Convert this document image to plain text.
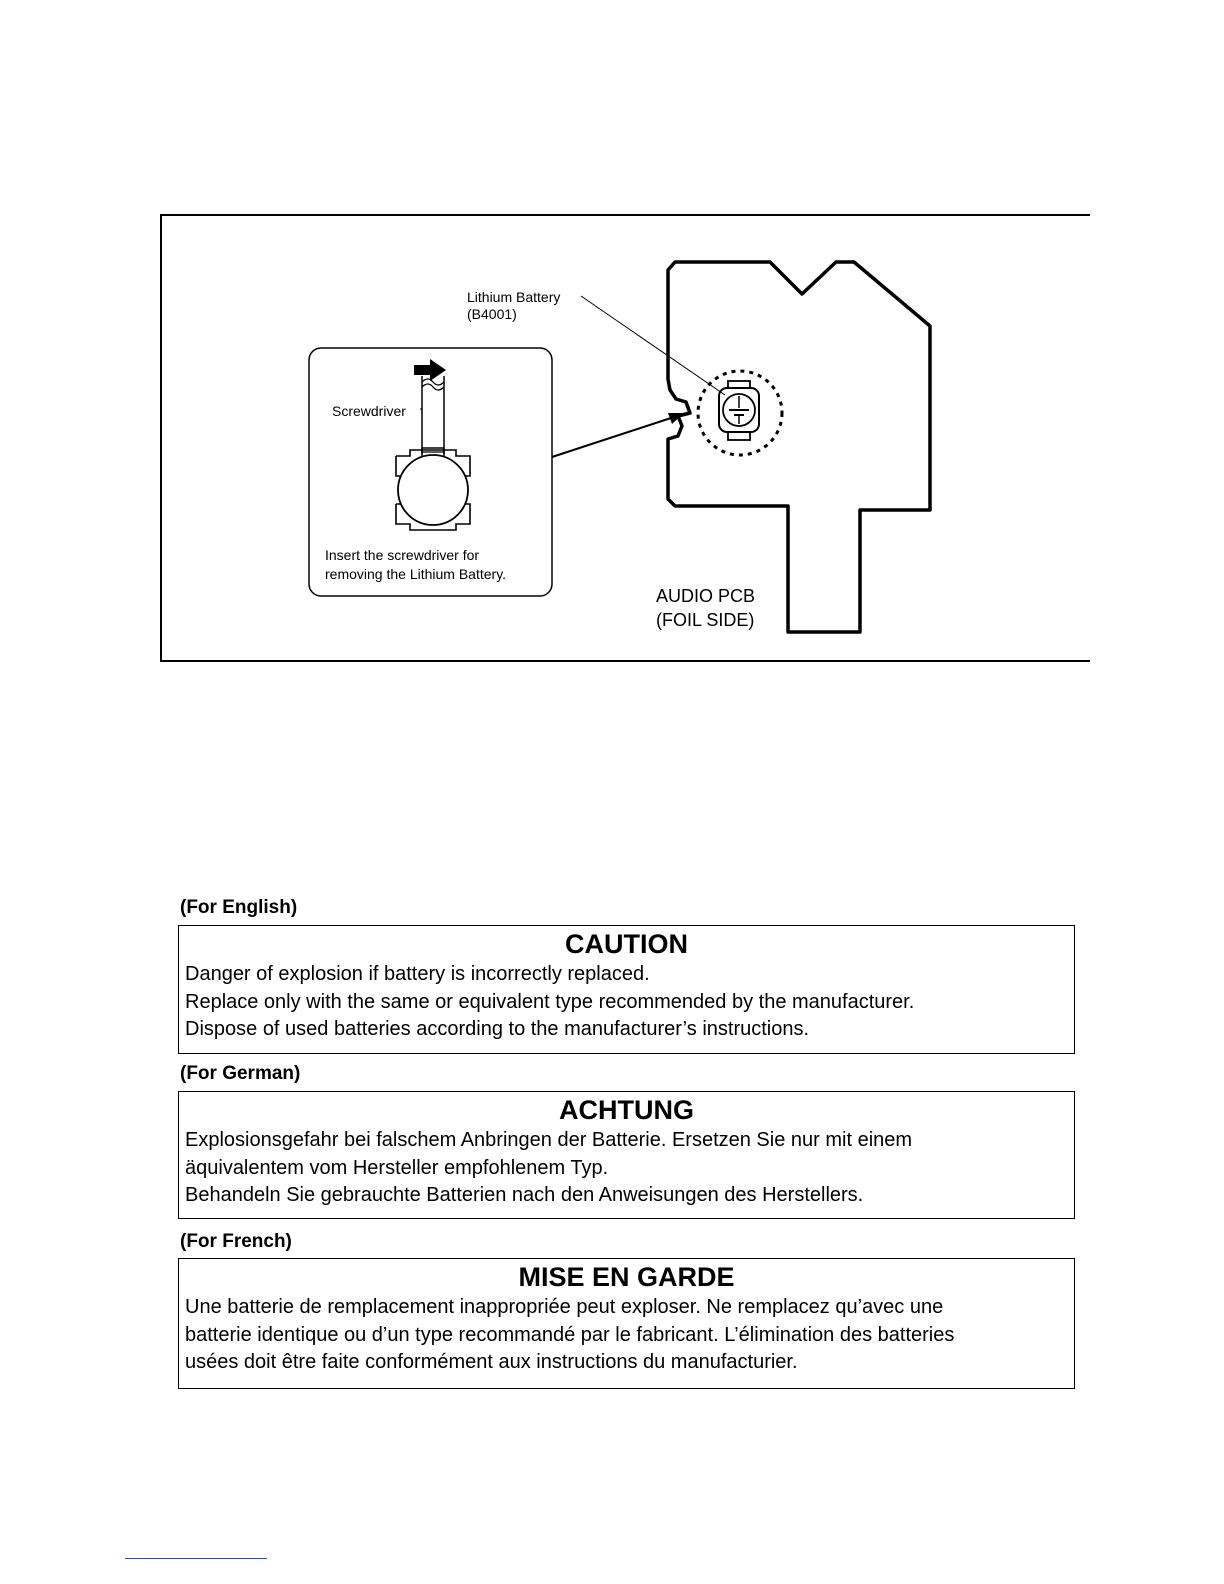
Lithium Battery
(B4001)
Screwdriver
Insert the screwdriver for
removing the Lithium Battery.
AUDIO PCB
(FOIL SIDE)
(For English)
CAUTION
Danger of explosion if battery is incorrectly replaced.
Replace only with the same or equivalent type recommended by the manufacturer.
Dispose of used batteries according to the manufacturer’s instructions.
(For German)
ACHTUNG
Explosionsgefahr bei falschem Anbringen der Batterie. Ersetzen Sie nur mit einem
äquivalentem vom Hersteller empfohlenem Typ.
Behandeln Sie gebrauchte Batterien nach den Anweisungen des Herstellers.
(For French)
MISE EN GARDE
Une batterie de remplacement inappropriée peut exploser. Ne remplacez qu’avec une
batterie identique ou d’un type recommandé par le fabricant. L’élimination des batteries
usées doit être faite conformément aux instructions du manufacturier.
